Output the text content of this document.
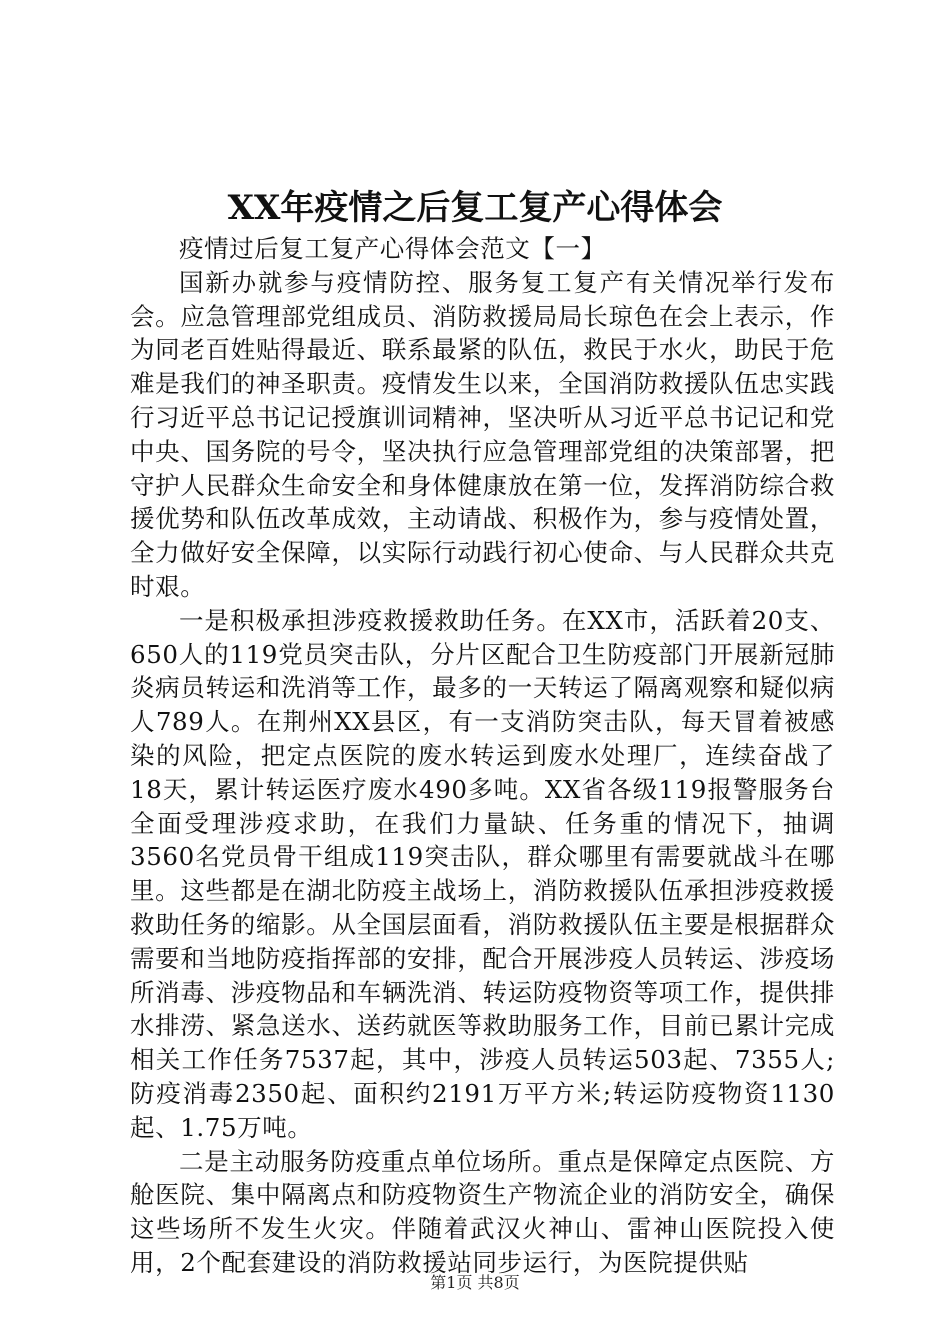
XX年疫情之后复工复产心得体会

疫情过后复工复产心得体会范文【一】

国新办就参与疫情防控、服务复工复产有关情况举行发布会。应急管理部党组成员、消防救援局局长琼色在会上表示，作为同老百姓贴得最近、联系最紧的队伍，救民于水火，助民于危难是我们的神圣职责。疫情发生以来，全国消防救援队伍忠实践行习近平总书记记授旗训词精神，坚决听从习近平总书记记和党中央、国务院的号令，坚决执行应急管理部党组的决策部署，把守护人民群众生命安全和身体健康放在第一位，发挥消防综合救援优势和队伍改革成效，主动请战、积极作为，参与疫情处置，全力做好安全保障，以实际行动践行初心使命、与人民群众共克时艰。

一是积极承担涉疫救援救助任务。在XX市，活跃着20支、650人的119党员突击队，分片区配合卫生防疫部门开展新冠肺炎病员转运和洗消等工作，最多的一天转运了隔离观察和疑似病人789人。在荆州XX县区，有一支消防突击队，每天冒着被感染的风险，把定点医院的废水转运到废水处理厂，连续奋战了18天，累计转运医疗废水490多吨。XX省各级119报警服务台全面受理涉疫求助，在我们力量缺、任务重的情况下，抽调3560名党员骨干组成119突击队，群众哪里有需要就战斗在哪里。这些都是在湖北防疫主战场上，消防救援队伍承担涉疫救援救助任务的缩影。从全国层面看，消防救援队伍主要是根据群众需要和当地防疫指挥部的安排，配合开展涉疫人员转运、涉疫场所消毒、涉疫物品和车辆洗消、转运防疫物资等项工作，提供排水排涝、紧急送水、送药就医等救助服务工作，目前已累计完成相关工作任务7537起，其中，涉疫人员转运503起、7355人;防疫消毒2350起、面积约2191万平方米;转运防疫物资1130起、1.75万吨。

二是主动服务防疫重点单位场所。重点是保障定点医院、方舱医院、集中隔离点和防疫物资生产物流企业的消防安全，确保这些场所不发生火灾。伴随着武汉火神山、雷神山医院投入使用，2个配套建设的消防救援站同步运行，为医院提供贴

第1页 共8页
